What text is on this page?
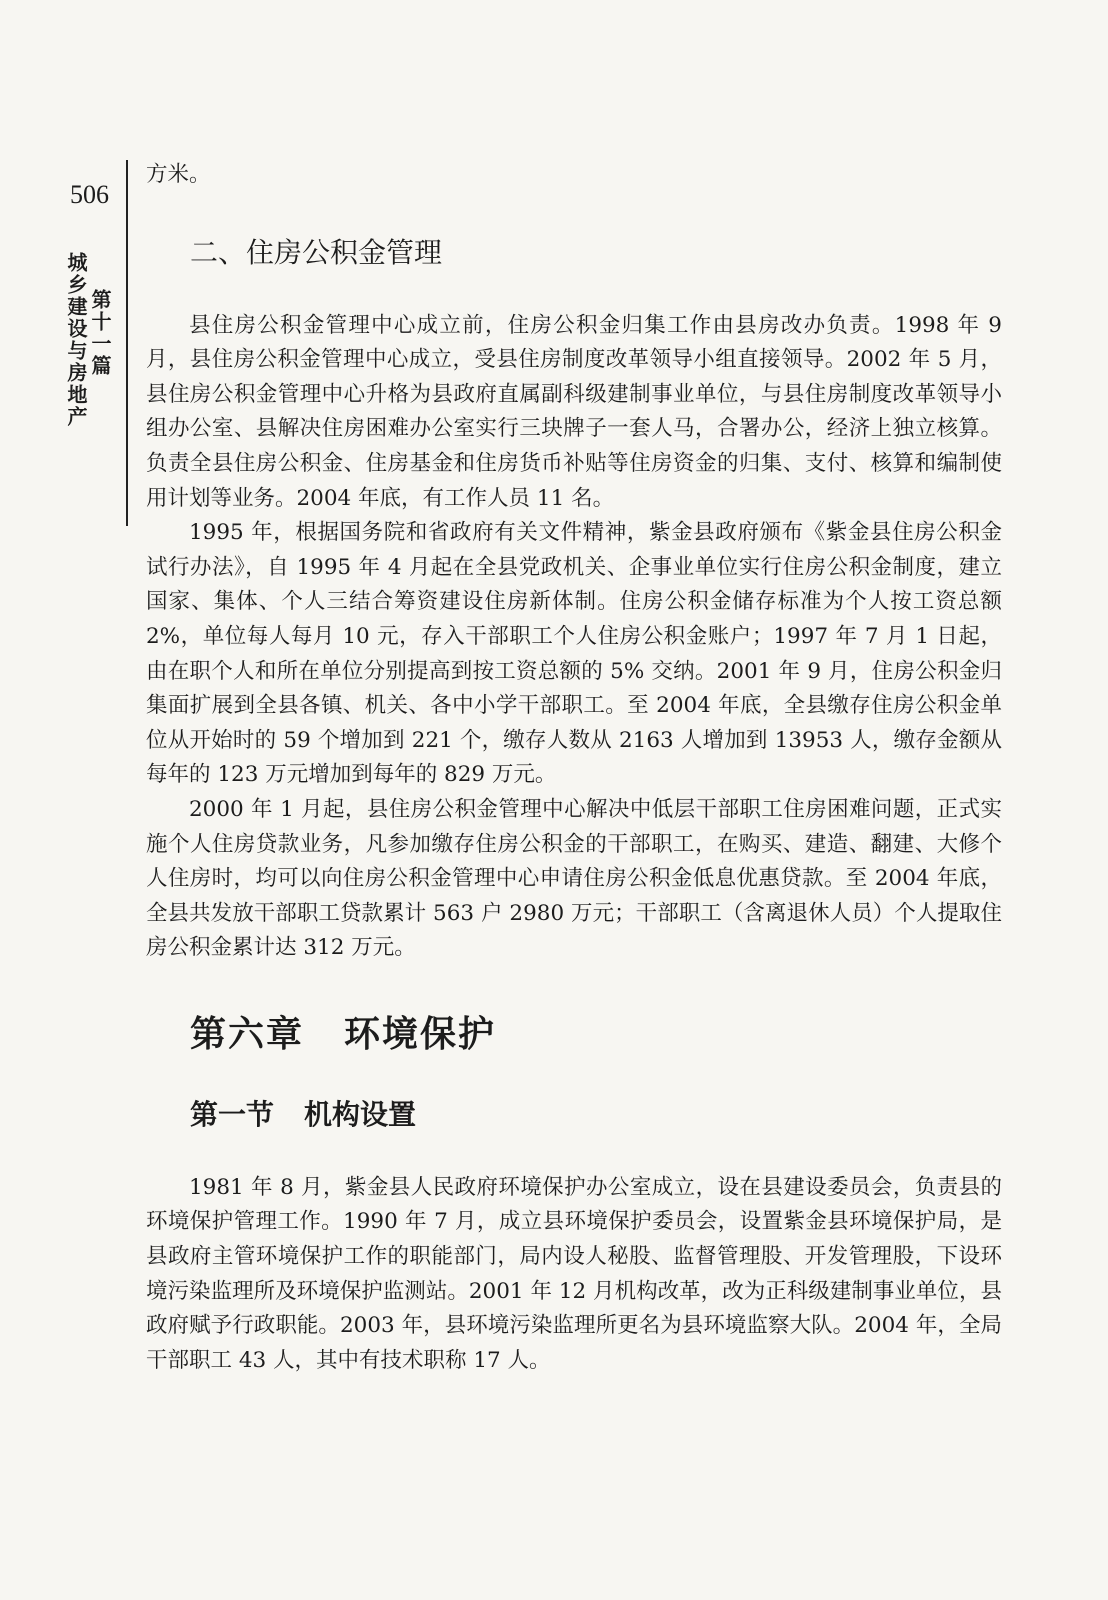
506
第十一篇
城乡建设与房地产

方米。

二、住房公积金管理

县住房公积金管理中心成立前，住房公积金归集工作由县房改办负责。1998 年 9 月，县住房公积金管理中心成立，受县住房制度改革领导小组直接领导。2002 年 5 月，县住房公积金管理中心升格为县政府直属副科级建制事业单位，与县住房制度改革领导小组办公室、县解决住房困难办公室实行三块牌子一套人马，合署办公，经济上独立核算。负责全县住房公积金、住房基金和住房货币补贴等住房资金的归集、支付、核算和编制使用计划等业务。2004 年底，有工作人员 11 名。

1995 年，根据国务院和省政府有关文件精神，紫金县政府颁布《紫金县住房公积金试行办法》，自 1995 年 4 月起在全县党政机关、企事业单位实行住房公积金制度，建立国家、集体、个人三结合筹资建设住房新体制。住房公积金储存标准为个人按工资总额 2%，单位每人每月 10 元，存入干部职工个人住房公积金账户；1997 年 7 月 1 日起，由在职个人和所在单位分别提高到按工资总额的 5% 交纳。2001 年 9 月，住房公积金归集面扩展到全县各镇、机关、各中小学干部职工。至 2004 年底，全县缴存住房公积金单位从开始时的 59 个增加到 221 个，缴存人数从 2163 人增加到 13953 人，缴存金额从每年的 123 万元增加到每年的 829 万元。

2000 年 1 月起，县住房公积金管理中心解决中低层干部职工住房困难问题，正式实施个人住房贷款业务，凡参加缴存住房公积金的干部职工，在购买、建造、翻建、大修个人住房时，均可以向住房公积金管理中心申请住房公积金低息优惠贷款。至 2004 年底，全县共发放干部职工贷款累计 563 户 2980 万元；干部职工（含离退休人员）个人提取住房公积金累计达 312 万元。

第六章 环境保护
第一节 机构设置

1981 年 8 月，紫金县人民政府环境保护办公室成立，设在县建设委员会，负责县的环境保护管理工作。1990 年 7 月，成立县环境保护委员会，设置紫金县环境保护局，是县政府主管环境保护工作的职能部门，局内设人秘股、监督管理股、开发管理股，下设环境污染监理所及环境保护监测站。2001 年 12 月机构改革，改为正科级建制事业单位，县政府赋予行政职能。2003 年，县环境污染监理所更名为县环境监察大队。2004 年，全局干部职工 43 人，其中有技术职称 17 人。
